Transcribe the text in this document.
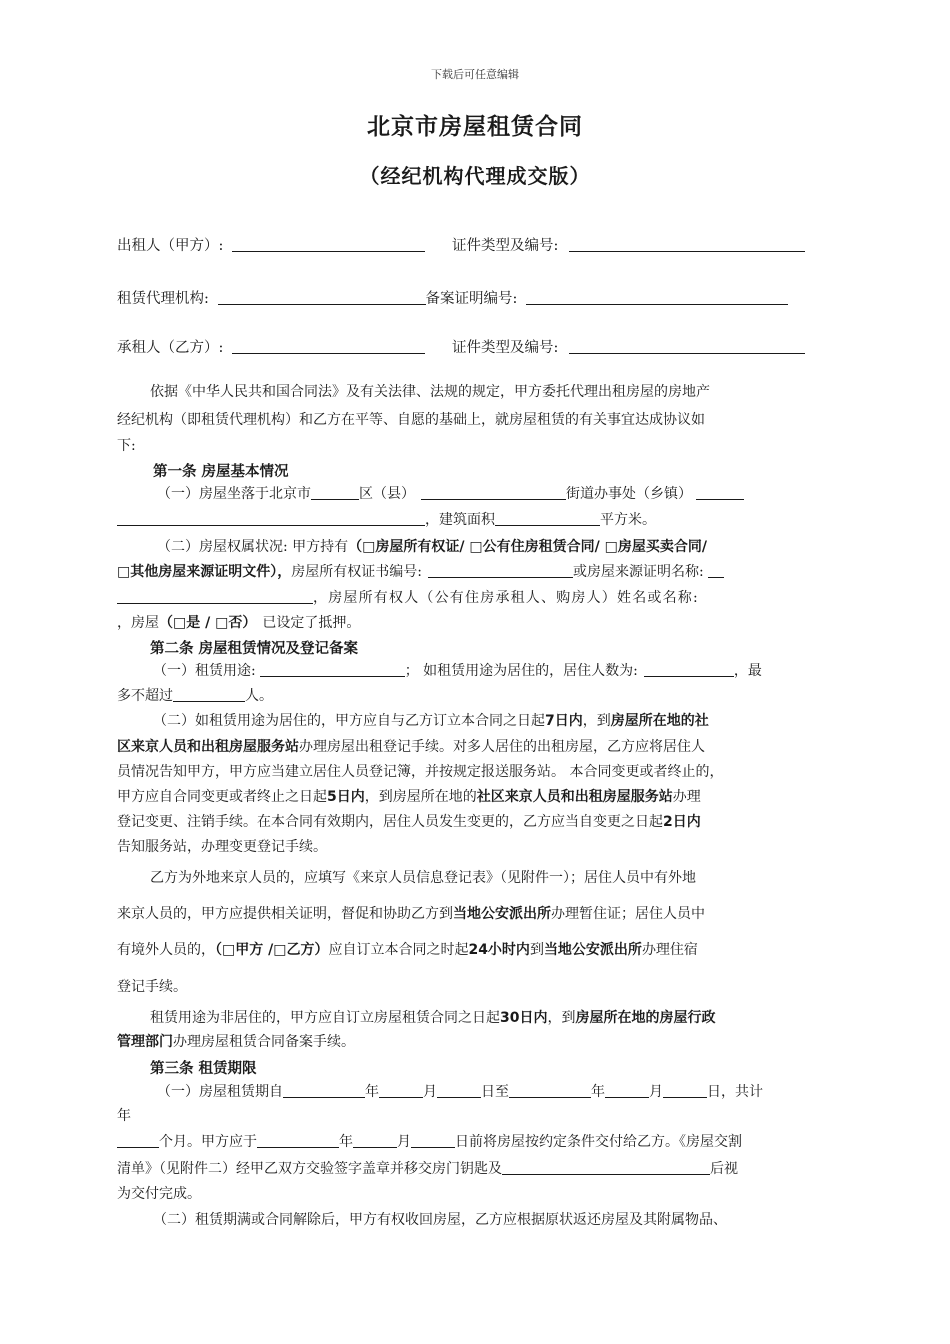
下载后可任意编辑
北京市房屋租赁合同
（经纪机构代理成交版）
出租人（甲方）:	证件类型及编号:
租赁代理机构:	备案证明编号:
承租人（乙方）:	证件类型及编号:
依据《中华人民共和国合同法》及有关法律、法规的规定，甲方委托代理出租房屋的房地产
经纪机构（即租赁代理机构）和乙方在平等、自愿的基础上，就房屋租赁的有关事宜达成协议如
下:
第一条 房屋基本情况
（一）房屋坐落于北京市	区（县）	街道办事处（乡镇）
，建筑面积	平方米。
（二）房屋权属状况: 甲方持有（□房屋所有权证/ □公有住房租赁合同/ □房屋买卖合同/
□其他房屋来源证明文件），房屋所有权证书编号:	或房屋来源证明名称:
，房屋所有权人（公有住房承租人、购房人）姓名或名称:
，房屋（□是 / □否） 已设定了抵押。
第二条 房屋租赁情况及登记备案
（一）租赁用途:	； 如租赁用途为居住的，居住人数为:	，最
多不超过	人。
（二）如租赁用途为居住的，甲方应自与乙方订立本合同之日起7日内，到房屋所在地的社
区来京人员和出租房屋服务站办理房屋出租登记手续。对多人居住的出租房屋，乙方应将居住人
员情况告知甲方，甲方应当建立居住人员登记簿，并按规定报送服务站。 本合同变更或者终止的，
甲方应自合同变更或者终止之日起5日内，到房屋所在地的社区来京人员和出租房屋服务站办理
登记变更、注销手续。在本合同有效期内，居住人员发生变更的，乙方应当自变更之日起2日内
告知服务站，办理变更登记手续。
乙方为外地来京人员的，应填写《来京人员信息登记表》（见附件一）；居住人员中有外地
来京人员的，甲方应提供相关证明，督促和协助乙方到当地公安派出所办理暂住证；居住人员中
有境外人员的，（□甲方 /□乙方）应自订立本合同之时起24小时内到当地公安派出所办理住宿
登记手续。
租赁用途为非居住的，甲方应自订立房屋租赁合同之日起30日内，到房屋所在地的房屋行政
管理部门办理房屋租赁合同备案手续。
第三条 租赁期限
（一）房屋租赁期自	年	月	日至	年	月	日，共计
年
个月。甲方应于	年	月	日前将房屋按约定条件交付给乙方。《房屋交割
清单》（见附件二）经甲乙双方交验签字盖章并移交房门钥匙及	后视
为交付完成。
（二）租赁期满或合同解除后，甲方有权收回房屋，乙方应根据原状返还房屋及其附属物品、
